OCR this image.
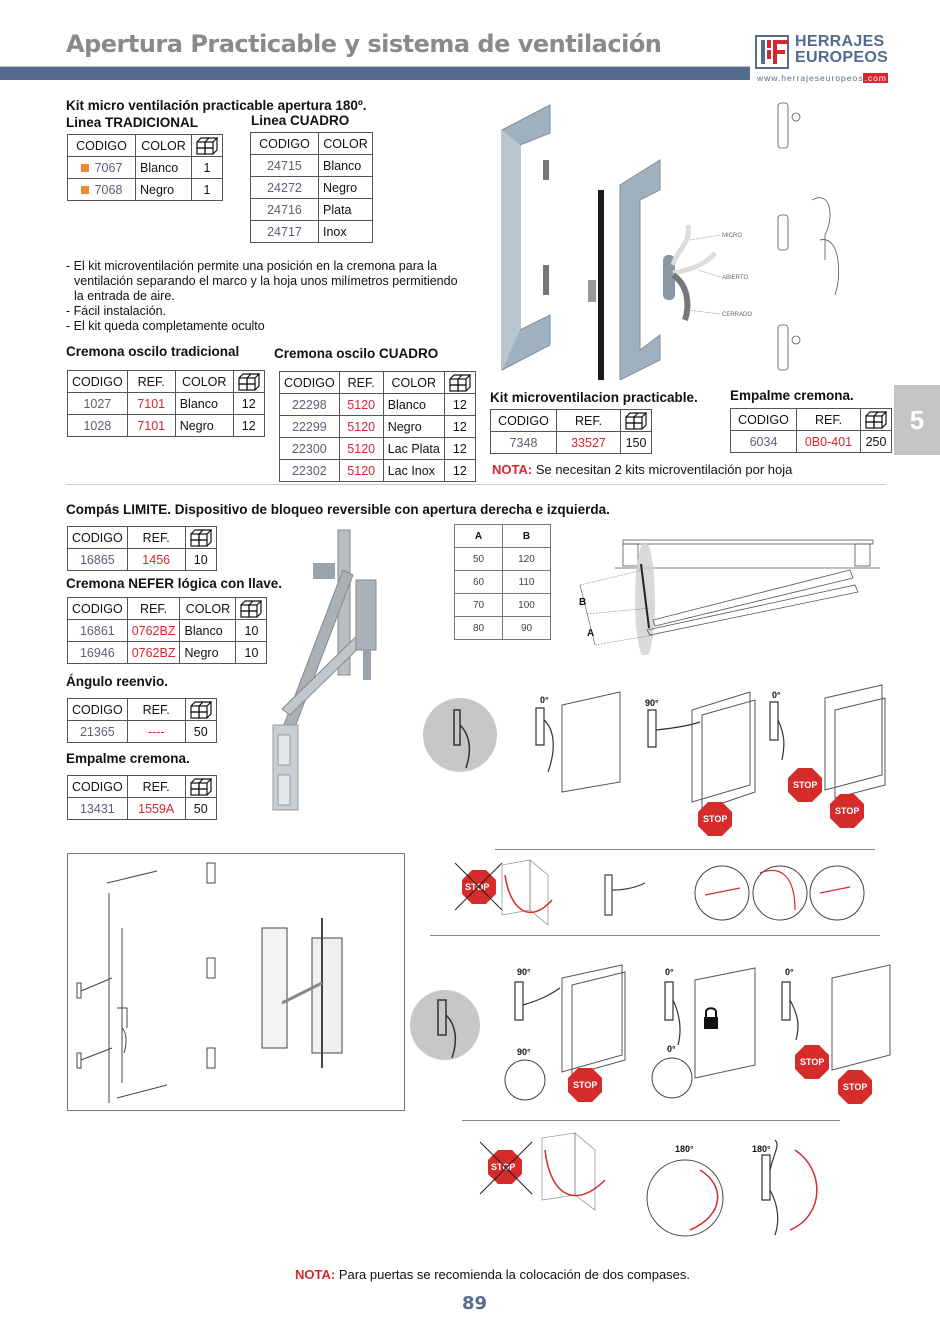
Apertura Practicable y sistema de ventilación	HERRAJES
EUROPEOS
www.herrajeseuropeos.com
5
Kit micro ventilación practicable apertura 180º.
Linea TRADICIONAL	Linea CUADRO
CODIGO	COLOR	
7067	Blanco	1
7068	Negro	1
CODIGO	COLOR
24715	Blanco
24272	Negro
24716	Plata
24717	Inox
- El kit microventilación permite una posición en la cremona para la
ventilación separando el marco y la hoja unos milímetros permitiendo
la entrada de aire.
- Fácil instalación.
- El kit queda completamente oculto
MICRO
ABIERTO
CERRADO
Cremona oscilo tradicional	Cremona oscilo CUADRO
CODIGO	REF.	COLOR	
1027	7101	Blanco	12
1028	7101	Negro	12
CODIGO	REF.	COLOR	
22298	5120	Blanco	12
22299	5120	Negro	12
22300	5120	Lac Plata	12
22302	5120	Lac Inox	12
Kit microventilacion practicable.
CODIGO	REF.	
7348	33527	150
Empalme cremona.
CODIGO	REF.	
6034	0B0-401	250
NOTA: Se necesitan 2 kits microventilación por hoja
Compás LIMITE. Dispositivo de bloqueo reversible con apertura derecha e izquierda.
CODIGO	REF.	
16865	1456	10
Cremona NEFER lógica con llave.
CODIGO	REF.	COLOR	
16861	0762BZ	Blanco	10
16946	0762BZ	Negro	10
Ángulo reenvio.
CODIGO	REF.	
21365	----	50
Empalme cremona.
CODIGO	REF.	
13431	1559A	50
A	B
50	120
60	110
70	100
80	90
B
A
0°	90°
STOP
0°
STOP
STOP
STOP
90°
90°
STOP
0°
0°
0°
STOP
STOP
STOP
180°	180°
NOTA: Para puertas se recomienda la colocación de dos compases.
89
